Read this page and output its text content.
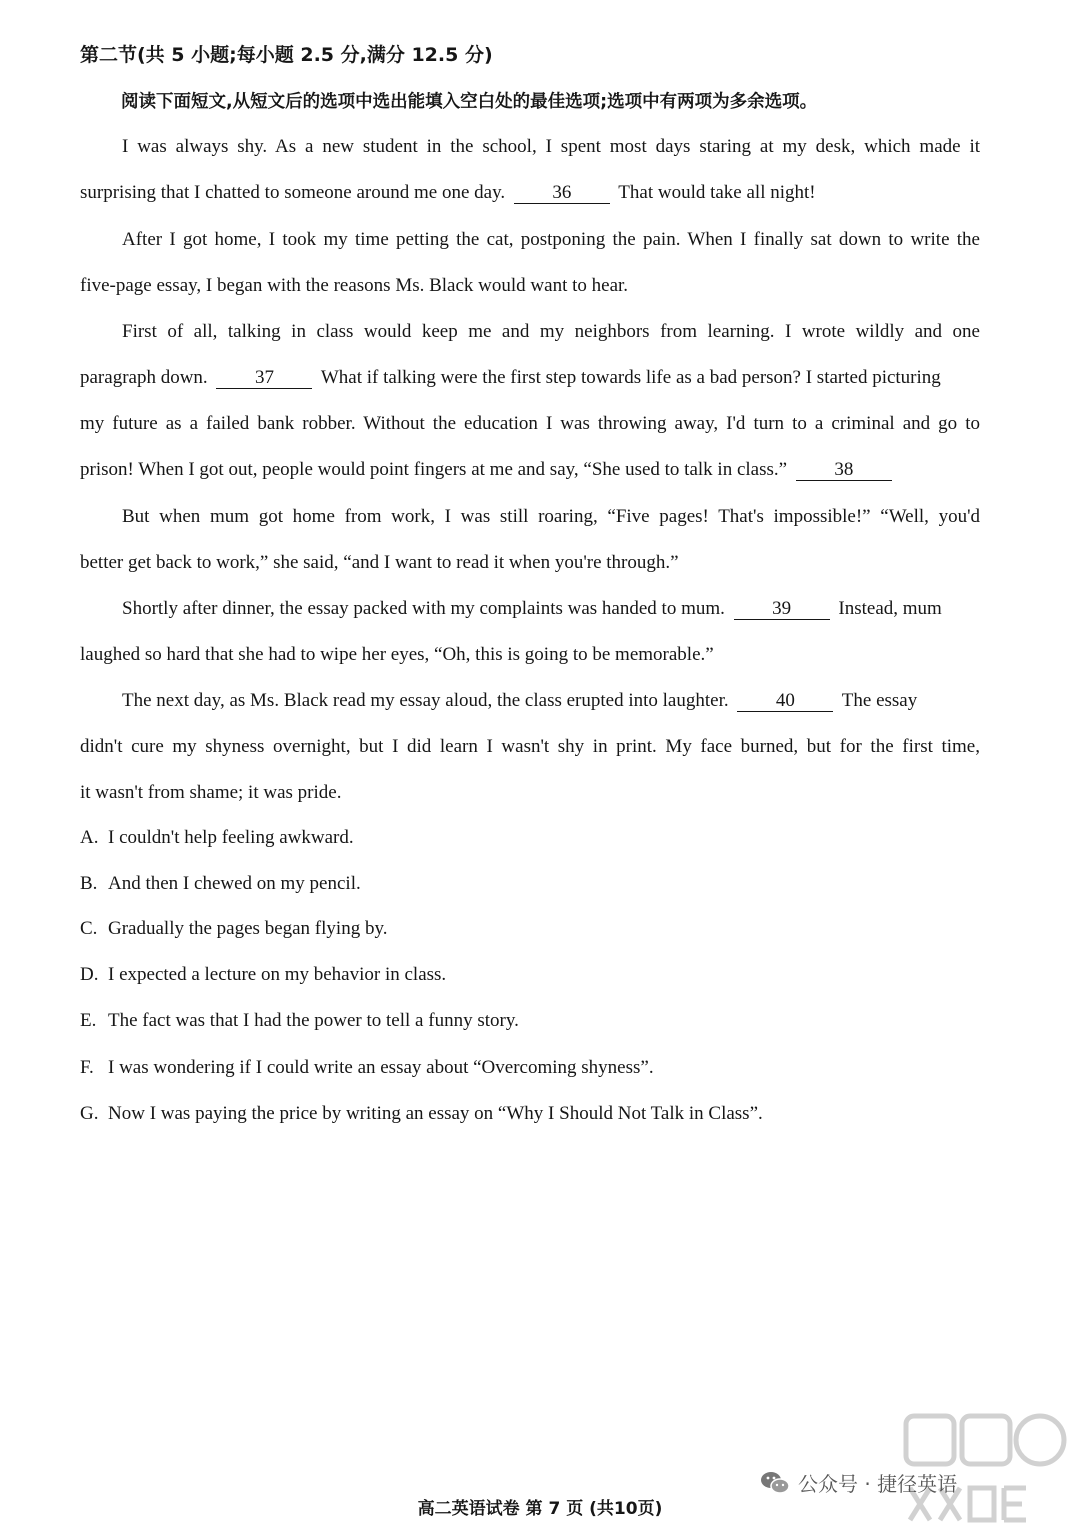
第二节(共 5 小题;每小题 2.5 分,满分 12.5 分)
阅读下面短文,从短文后的选项中选出能填入空白处的最佳选项;选项中有两项为多余选项。
I was always shy. As a new student in the school, I spent most days staring at my desk, which made it
surprising that I chatted to someone around me one day. 36 That would take all night!
After I got home, I took my time petting the cat, postponing the pain. When I finally sat down to write the
five-page essay, I began with the reasons Ms. Black would want to hear.
First of all, talking in class would keep me and my neighbors from learning. I wrote wildly and one
paragraph down. 37 What if talking were the first step towards life as a bad person? I started picturing
my future as a failed bank robber. Without the education I was throwing away, I'd turn to a criminal and go to
prison! When I got out, people would point fingers at me and say, “She used to talk in class.” 38
But when mum got home from work, I was still roaring, “Five pages! That's impossible!” “Well, you'd
better get back to work,” she said, “and I want to read it when you're through.”
Shortly after dinner, the essay packed with my complaints was handed to mum. 39 Instead, mum
laughed so hard that she had to wipe her eyes, “Oh, this is going to be memorable.”
The next day, as Ms. Black read my essay aloud, the class erupted into laughter. 40 The essay
didn't cure my shyness overnight, but I did learn I wasn't shy in print. My face burned, but for the first time,
it wasn't from shame; it was pride.
A. I couldn't help feeling awkward.
B. And then I chewed on my pencil.
C. Gradually the pages began flying by.
D. I expected a lecture on my behavior in class.
E. The fact was that I had the power to tell a funny story.
F. I was wondering if I could write an essay about “Overcoming shyness”.
G. Now I was paying the price by writing an essay on “Why I Should Not Talk in Class”.
公众号 · 捷径英语
高二英语试卷 第 7 页 (共10页)
